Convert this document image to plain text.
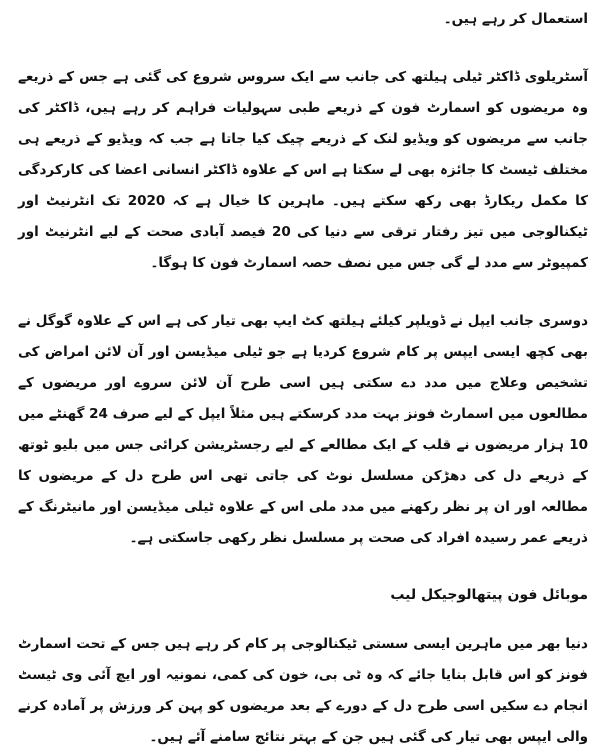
استعمال کر رہے ہیں۔

آسٹریلوی ڈاکٹر ٹیلی ہیلتھ کی جانب سے ایک سروس شروع کی گئی ہے جس کے ذریعے وہ مریضوں کو اسمارٹ فون کے ذریعے طبی سہولیات فراہم کر رہے ہیں، ڈاکٹر کی جانب سے مریضوں کو ویڈیو لنک کے ذریعے چیک کیا جاتا ہے جب کہ ویڈیو کے ذریعے ہی مختلف ٹیسٹ کا جائزہ بھی لے سکتا ہے اس کے علاوہ ڈاکٹر انسانی اعضا کی کارکردگی کا مکمل ریکارڈ بھی رکھ سکتے ہیں۔ ماہرین کا خیال ہے کہ 2020 تک انٹرنیٹ اور ٹیکنالوجی میں تیز رفتار ترقی سے دنیا کی 20 فیصد آبادی صحت کے لیے انٹرنیٹ اور کمپیوٹر سے مدد لے گی جس میں نصف حصہ اسمارٹ فون کا ہوگا۔

دوسری جانب ایپل نے ڈویلپر کیلئے ہیلتھ کٹ ایپ بھی تیار کی ہے اس کے علاوہ گوگل نے بھی کچھ ایسی ایپس پر کام شروع کردیا ہے جو ٹیلی میڈیسن اور آن لائن امراض کی تشخیص وعلاج میں مدد دے سکتی ہیں اسی طرح آن لائن سروے اور مریضوں کے مطالعوں میں اسمارٹ فونز بہت مدد کرسکتے ہیں مثلاً ایپل کے لیے صرف 24 گھنٹے میں 10 ہزار مریضوں نے قلب کے ایک مطالعے کے لیے رجسٹریشن کرائی جس میں بلیو ٹوتھ کے ذریعے دل کی دھڑکن مسلسل نوٹ کی جاتی تھی اس طرح دل کے مریضوں کا مطالعہ اور ان پر نظر رکھنے میں مدد ملی اس کے علاوہ ٹیلی میڈیسن اور مانیٹرنگ کے ذریعے عمر رسیدہ افراد کی صحت پر مسلسل نظر رکھی جاسکتی ہے۔

موبائل فون پیتھالوجیکل لیب

دنیا بھر میں ماہرین ایسی سستی ٹیکنالوجی پر کام کر رہے ہیں جس کے تحت اسمارٹ فونز کو اس قابل بنایا جائے کہ وہ ٹی بی، خون کی کمی، نمونیہ اور ایچ آئی وی ٹیسٹ انجام دے سکیں اسی طرح دل کے دورے کے بعد مریضوں کو پہن کر ورزش پر آمادہ کرنے والی ایپس بھی تیار کی گئی ہیں جن کے بہتر نتائج سامنے آئے ہیں۔
